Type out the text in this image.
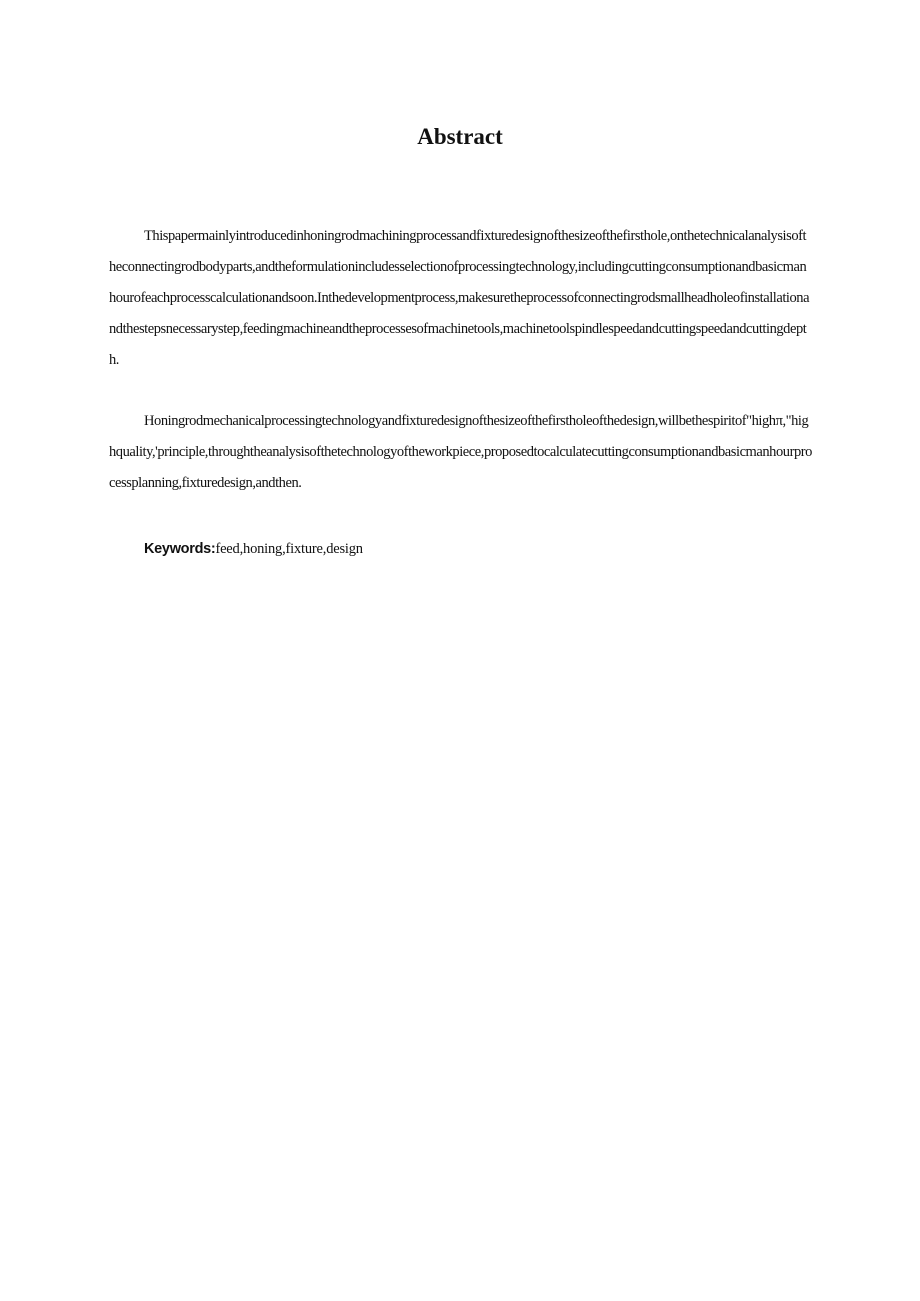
Abstract

Thispapermainlyintroducedinhoningrodmachiningprocessandfixturedesignofthesizeofthefirsthole,onthetechnicalanalysisoftheconnectingrodbodyparts,andtheformulationincludesselectionofprocessingtechnology,includingcuttingconsumptionandbasicmanhourofeachprocesscalculationandsoon.Inthedevelopmentprocess,makesuretheprocessofconnectingrodsmallheadholeofinstallationandthestepsnecessarystep,feedingmachineandtheprocessesofmachinetools,machinetoolspindlespeedandcuttingspeedandcuttingdepth.

Honingrodmechanicalprocessingtechnologyandfixturedesignofthesizeofthefirstholeofthedesign,willbethespiritof"highπ,"highquality,'principle,throughtheanalysisofthetechnologyoftheworkpiece,proposedtocalculatecuttingconsumptionandbasicmanhourprocessplanning,fixturedesign,andthen.

Keywords:feed,honing,fixture,design
